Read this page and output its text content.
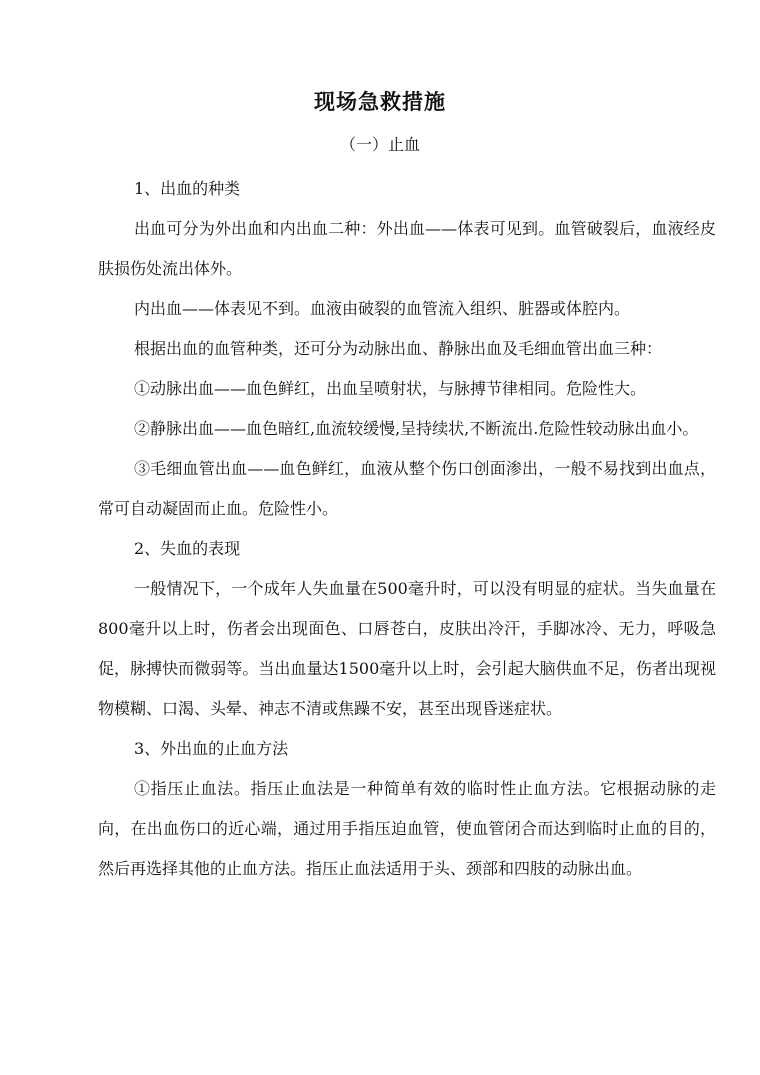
现场急救措施
（一）止血

1、出血的种类

出血可分为外出血和内出血二种：外出血——体表可见到。血管破裂后，血液经皮肤损伤处流出体外。

内出血——体表见不到。血液由破裂的血管流入组织、脏器或体腔内。

根据出血的血管种类，还可分为动脉出血、静脉出血及毛细血管出血三种：

①动脉出血——血色鲜红，出血呈喷射状，与脉搏节律相同。危险性大。

②静脉出血——血色暗红,血流较缓慢,呈持续状,不断流出.危险性较动脉出血小。

③毛细血管出血——血色鲜红，血液从整个伤口创面渗出，一般不易找到出血点，常可自动凝固而止血。危险性小。

2、失血的表现

一般情况下，一个成年人失血量在500毫升时，可以没有明显的症状。当失血量在800毫升以上时，伤者会出现面色、口唇苍白，皮肤出冷汗，手脚冰冷、无力，呼吸急促，脉搏快而微弱等。当出血量达1500毫升以上时，会引起大脑供血不足，伤者出现视物模糊、口渴、头晕、神志不清或焦躁不安，甚至出现昏迷症状。

3、外出血的止血方法

①指压止血法。指压止血法是一种简单有效的临时性止血方法。它根据动脉的走向，在出血伤口的近心端，通过用手指压迫血管，使血管闭合而达到临时止血的目的，然后再选择其他的止血方法。指压止血法适用于头、颈部和四肢的动脉出血。
